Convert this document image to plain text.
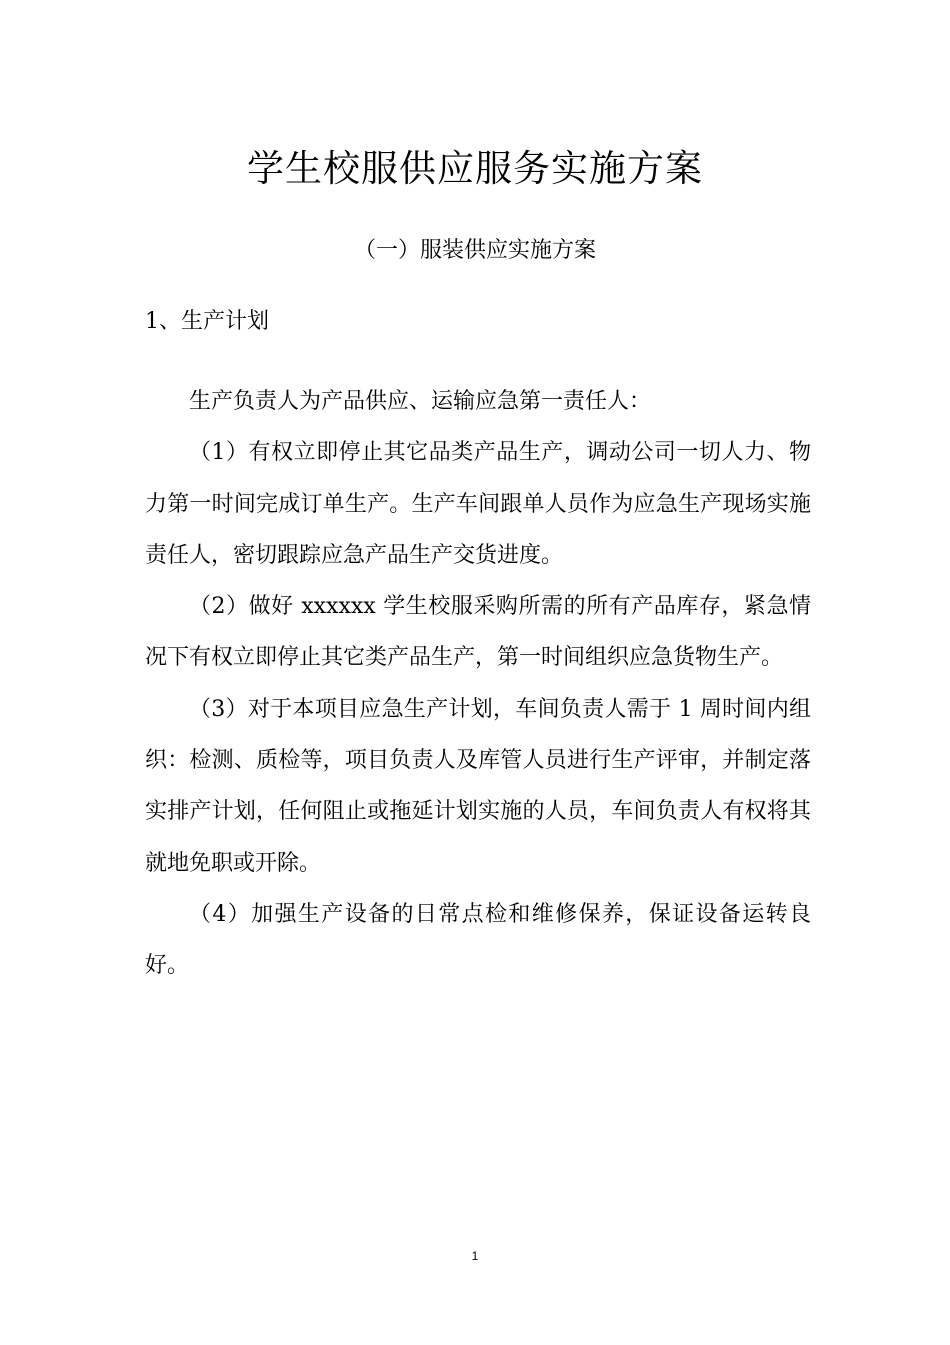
学生校服供应服务实施方案
（一）服装供应实施方案
1、生产计划

生产负责人为产品供应、运输应急第一责任人：

（1）有权立即停止其它品类产品生产，调动公司一切人力、物力第一时间完成订单生产。生产车间跟单人员作为应急生产现场实施责任人，密切跟踪应急产品生产交货进度。

（2）做好 xxxxxx 学生校服采购所需的所有产品库存，紧急情况下有权立即停止其它类产品生产，第一时间组织应急货物生产。

（3）对于本项目应急生产计划，车间负责人需于 1 周时间内组织：检测、质检等，项目负责人及库管人员进行生产评审，并制定落实排产计划，任何阻止或拖延计划实施的人员，车间负责人有权将其就地免职或开除。

（4）加强生产设备的日常点检和维修保养，保证设备运转良好。

1
